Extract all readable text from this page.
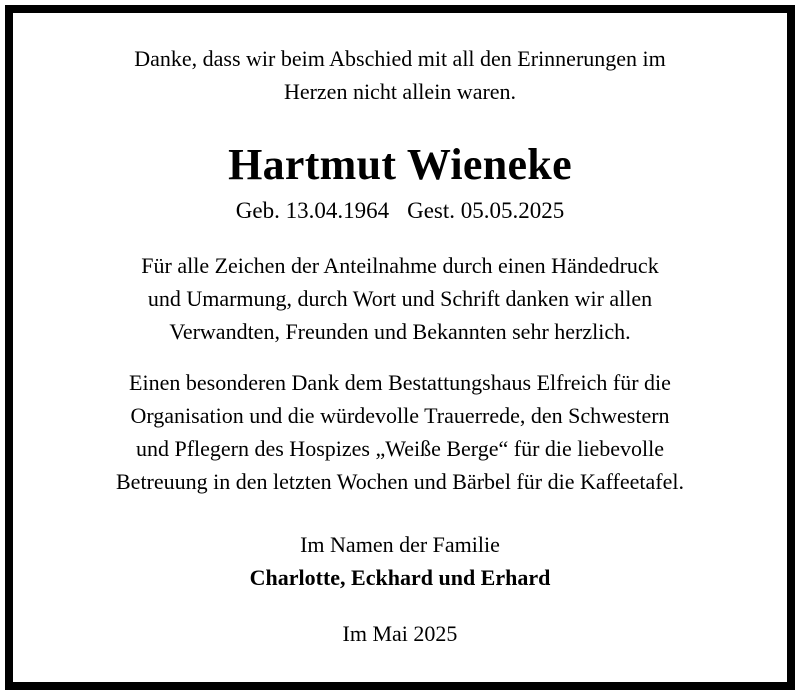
Danke, dass wir beim Abschied mit all den Erinnerungen im
Herzen nicht allein waren.
Hartmut Wieneke
Geb. 13.04.1964 Gest. 05.05.2025
Für alle Zeichen der Anteilnahme durch einen Händedruck
und Umarmung, durch Wort und Schrift danken wir allen
Verwandten, Freunden und Bekannten sehr herzlich.
Einen besonderen Dank dem Bestattungshaus Elfreich für die
Organisation und die würdevolle Trauerrede, den Schwestern
und Pflegern des Hospizes „Weiße Berge“ für die liebevolle
Betreuung in den letzten Wochen und Bärbel für die Kaffeetafel.
Im Namen der Familie
Charlotte, Eckhard und Erhard
Im Mai 2025
